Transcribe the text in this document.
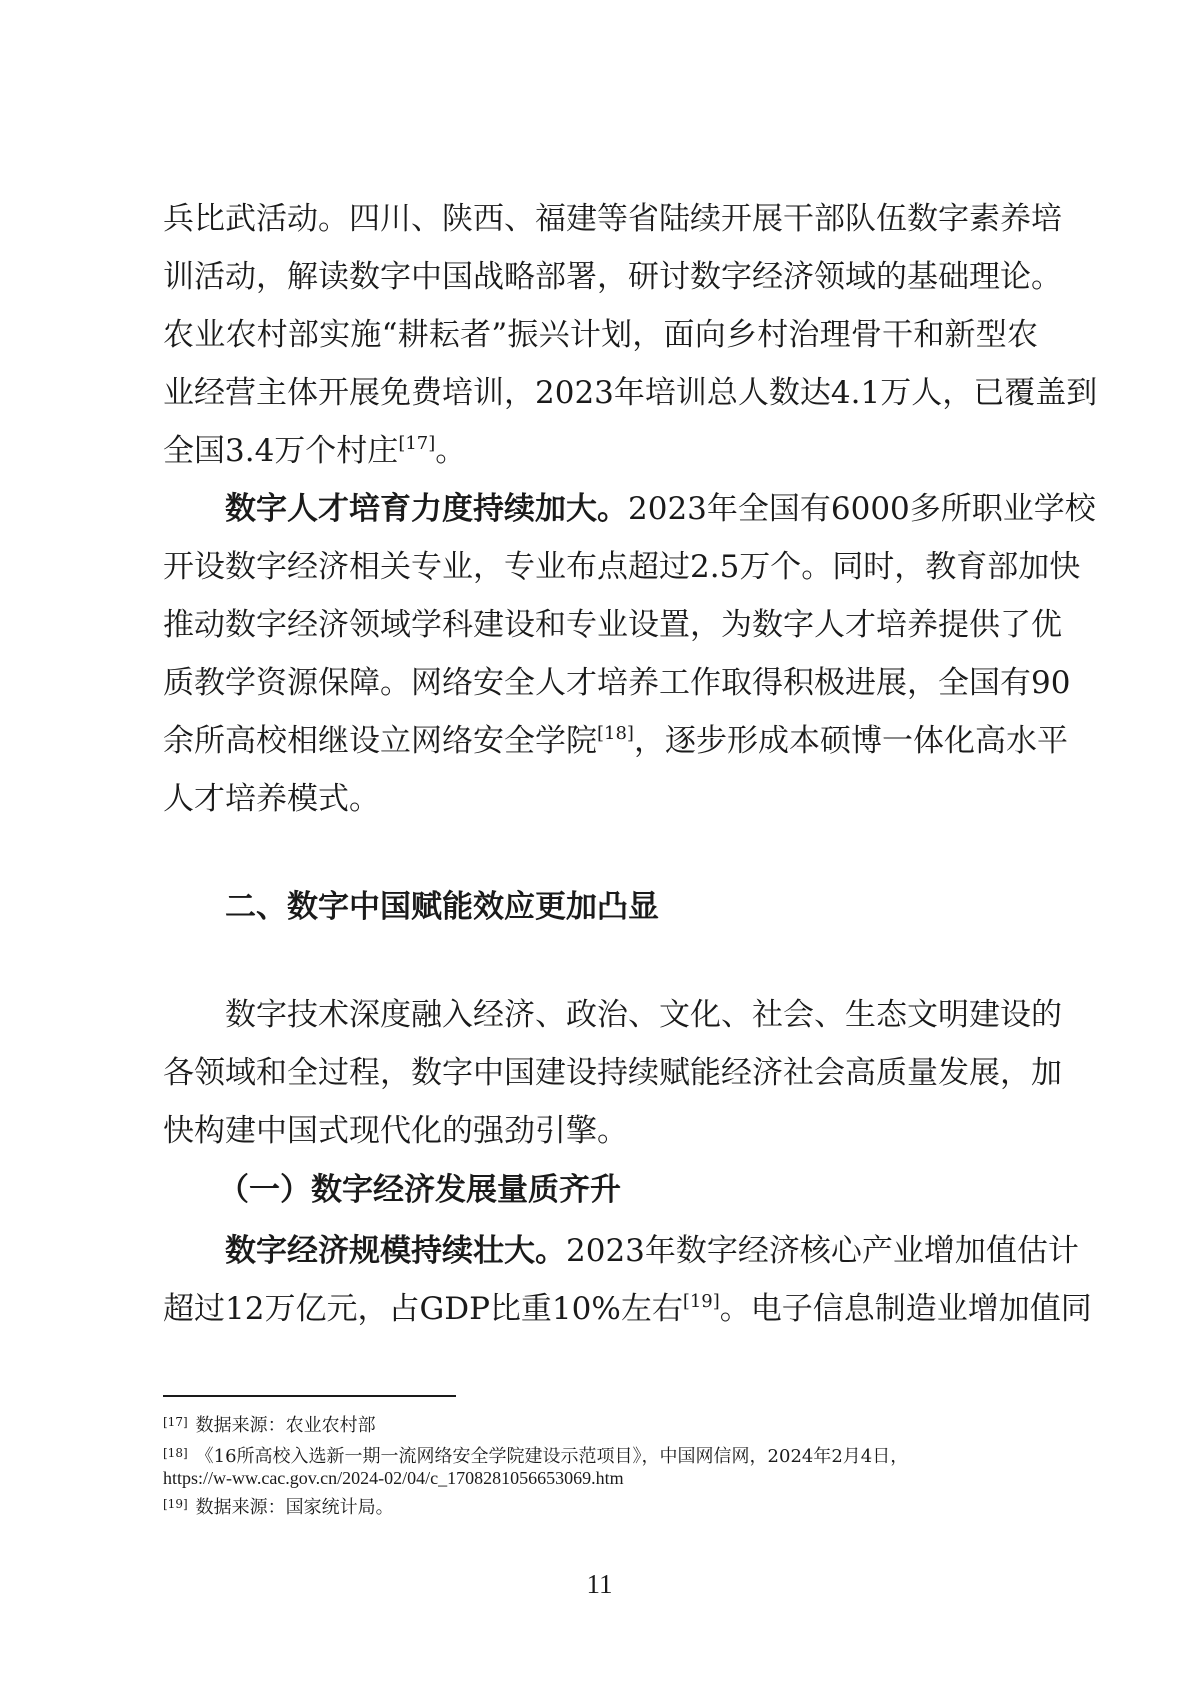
兵比武活动。四川、陕西、福建等省陆续开展干部队伍数字素养培
训活动，解读数字中国战略部署，研讨数字经济领域的基础理论。
农业农村部实施“耕耘者”振兴计划，面向乡村治理骨干和新型农
业经营主体开展免费培训，2023年培训总人数达4.1万人，已覆盖到
全国3.4万个村庄[17]。
数字人才培育力度持续加大。2023年全国有6000多所职业学校
开设数字经济相关专业，专业布点超过2.5万个。同时，教育部加快
推动数字经济领域学科建设和专业设置，为数字人才培养提供了优
质教学资源保障。网络安全人才培养工作取得积极进展，全国有90
余所高校相继设立网络安全学院[18]，逐步形成本硕博一体化高水平
人才培养模式。
二、数字中国赋能效应更加凸显
数字技术深度融入经济、政治、文化、社会、生态文明建设的
各领域和全过程，数字中国建设持续赋能经济社会高质量发展，加
快构建中国式现代化的强劲引擎。
（一）数字经济发展量质齐升
数字经济规模持续壮大。2023年数字经济核心产业增加值估计
超过12万亿元，占GDP比重10%左右[19]。电子信息制造业增加值同
[17] 数据来源：农业农村部
[18] 《16所高校入选新一期一流网络安全学院建设示范项目》，中国网信网，2024年2月4日，
https://w-ww.cac.gov.cn/2024-02/04/c_1708281056653069.htm
[19] 数据来源：国家统计局。
11
